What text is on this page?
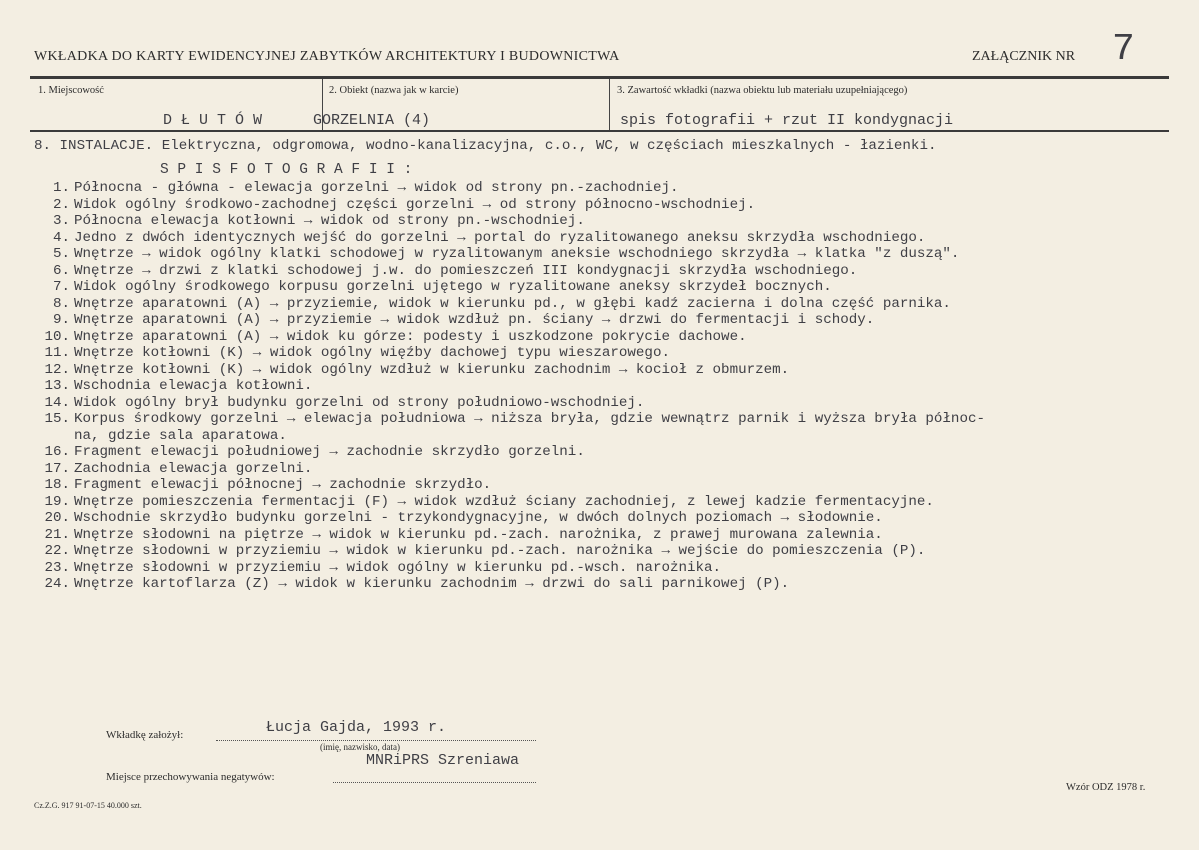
WKŁADKA DO KARTY EWIDENCYJNEJ ZABYTKÓW ARCHITEKTURY I BUDOWNICTWA	ZAŁĄCZNIK NR 7
1. Miejscowość
D Ł U T Ó W
2. Obiekt (nazwa jak w karcie)
GORZELNIA (4)
3. Zawartość wkładki (nazwa obiektu lub materiału uzupełniającego)
spis fotografii + rzut II kondygnacji
8. INSTALACJE. Elektryczna, odgromowa, wodno-kanalizacyjna, c.o., WC, w częściach mieszkalnych - łazienki.
S P I S F O T O G R A F I I :
1. Północna - główna - elewacja gorzelni → widok od strony pn.-zachodniej.
2. Widok ogólny środkowo-zachodnej części gorzelni → od strony północno-wschodniej.
3. Północna elewacja kotłowni → widok od strony pn.-wschodniej.
4. Jedno z dwóch identycznych wejść do gorzelni → portal do ryzalitowanego aneksu skrzydła wschodniego.
5. Wnętrze → widok ogólny klatki schodowej w ryzalitowanym aneksie wschodniego skrzydła → klatka "z duszą".
6. Wnętrze → drzwi z klatki schodowej j.w. do pomieszczeń III kondygnacji skrzydła wschodniego.
7. Widok ogólny środkowego korpusu gorzelni ujętego w ryzalitowane aneksy skrzydeł bocznych.
8. Wnętrze aparatowni (A) → przyziemie, widok w kierunku pd., w głębi kadź zacierna i dolna część parnika.
9. Wnętrze aparatowni (A) → przyziemie → widok wzdłuż pn. ściany → drzwi do fermentacji i schody.
10. Wnętrze aparatowni (A) → widok ku górze: podesty i uszkodzone pokrycie dachowe.
11. Wnętrze kotłowni (K) → widok ogólny więźby dachowej typu wieszarowego.
12. Wnętrze kotłowni (K) → widok ogólny wzdłuż w kierunku zachodnim → kocioł z obmurzem.
13. Wschodnia elewacja kotłowni.
14. Widok ogólny brył budynku gorzelni od strony południowo-wschodniej.
15. Korpus środkowy gorzelni → elewacja południowa → niższa bryła, gdzie wewnątrz parnik i wyższa bryła północ-
na, gdzie sala aparatowa.
16. Fragment elewacji południowej → zachodnie skrzydło gorzelni.
17. Zachodnia elewacja gorzelni.
18. Fragment elewacji północnej → zachodnie skrzydło.
19. Wnętrze pomieszczenia fermentacji (F) → widok wzdłuż ściany zachodniej, z lewej kadzie fermentacyjne.
20. Wschodnie skrzydło budynku gorzelni - trzykondygnacyjne, w dwóch dolnych poziomach → słodownie.
21. Wnętrze słodowni na piętrze → widok w kierunku pd.-zach. narożnika, z prawej murowana zalewnia.
22. Wnętrze słodowni w przyziemiu → widok w kierunku pd.-zach. narożnika → wejście do pomieszczenia (P).
23. Wnętrze słodowni w przyziemiu → widok ogólny w kierunku pd.-wsch. narożnika.
24. Wnętrze kartoflarza (Z) → widok w kierunku zachodnim → drzwi do sali parnikowej (P).
Wkładkę założył:	Łucja Gajda, 1993 r.
(imię, nazwisko, data)
MNRiPRS Szreniawa
Miejsce przechowywania negatywów:
Wzór ODZ 1978 r.
Cz.Z.G. 917 91-07-15 40.000 szt.
